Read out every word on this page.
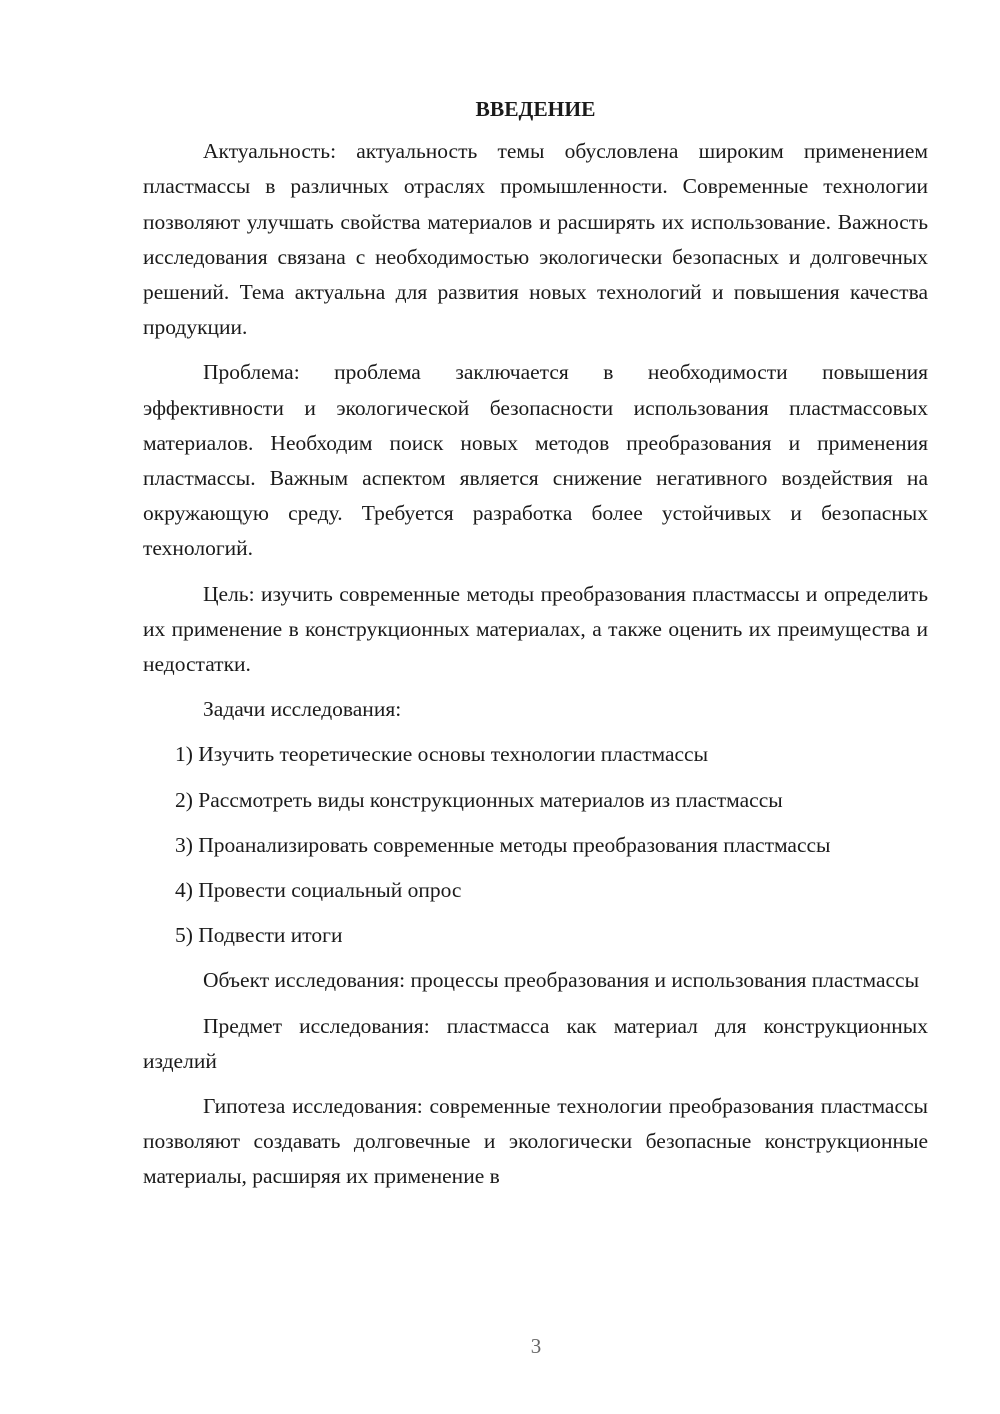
ВВЕДЕНИЕ

Актуальность: актуальность темы обусловлена широким применением пластмассы в различных отраслях промышленности. Современные технологии позволяют улучшать свойства материалов и расширять их использование. Важность исследования связана с необходимостью экологически безопасных и долговечных решений. Тема актуальна для развития новых технологий и повышения качества продукции.

Проблема: проблема заключается в необходимости повышения эффективности и экологической безопасности использования пластмассовых материалов. Необходим поиск новых методов преобразования и применения пластмассы. Важным аспектом является снижение негативного воздействия на окружающую среду. Требуется разработка более устойчивых и безопасных технологий.

Цель: изучить современные методы преобразования пластмассы и определить их применение в конструкционных материалах, а также оценить их преимущества и недостатки.

Задачи исследования:

1) Изучить теоретические основы технологии пластмассы

2) Рассмотреть виды конструкционных материалов из пластмассы

3) Проанализировать современные методы преобразования пластмассы

4) Провести социальный опрос

5) Подвести итоги

Объект исследования: процессы преобразования и использования пластмассы

Предмет исследования: пластмасса как материал для конструкционных изделий

Гипотеза исследования: современные технологии преобразования пластмассы позволяют создавать долговечные и экологически безопасные конструкционные материалы, расширяя их применение в

3
